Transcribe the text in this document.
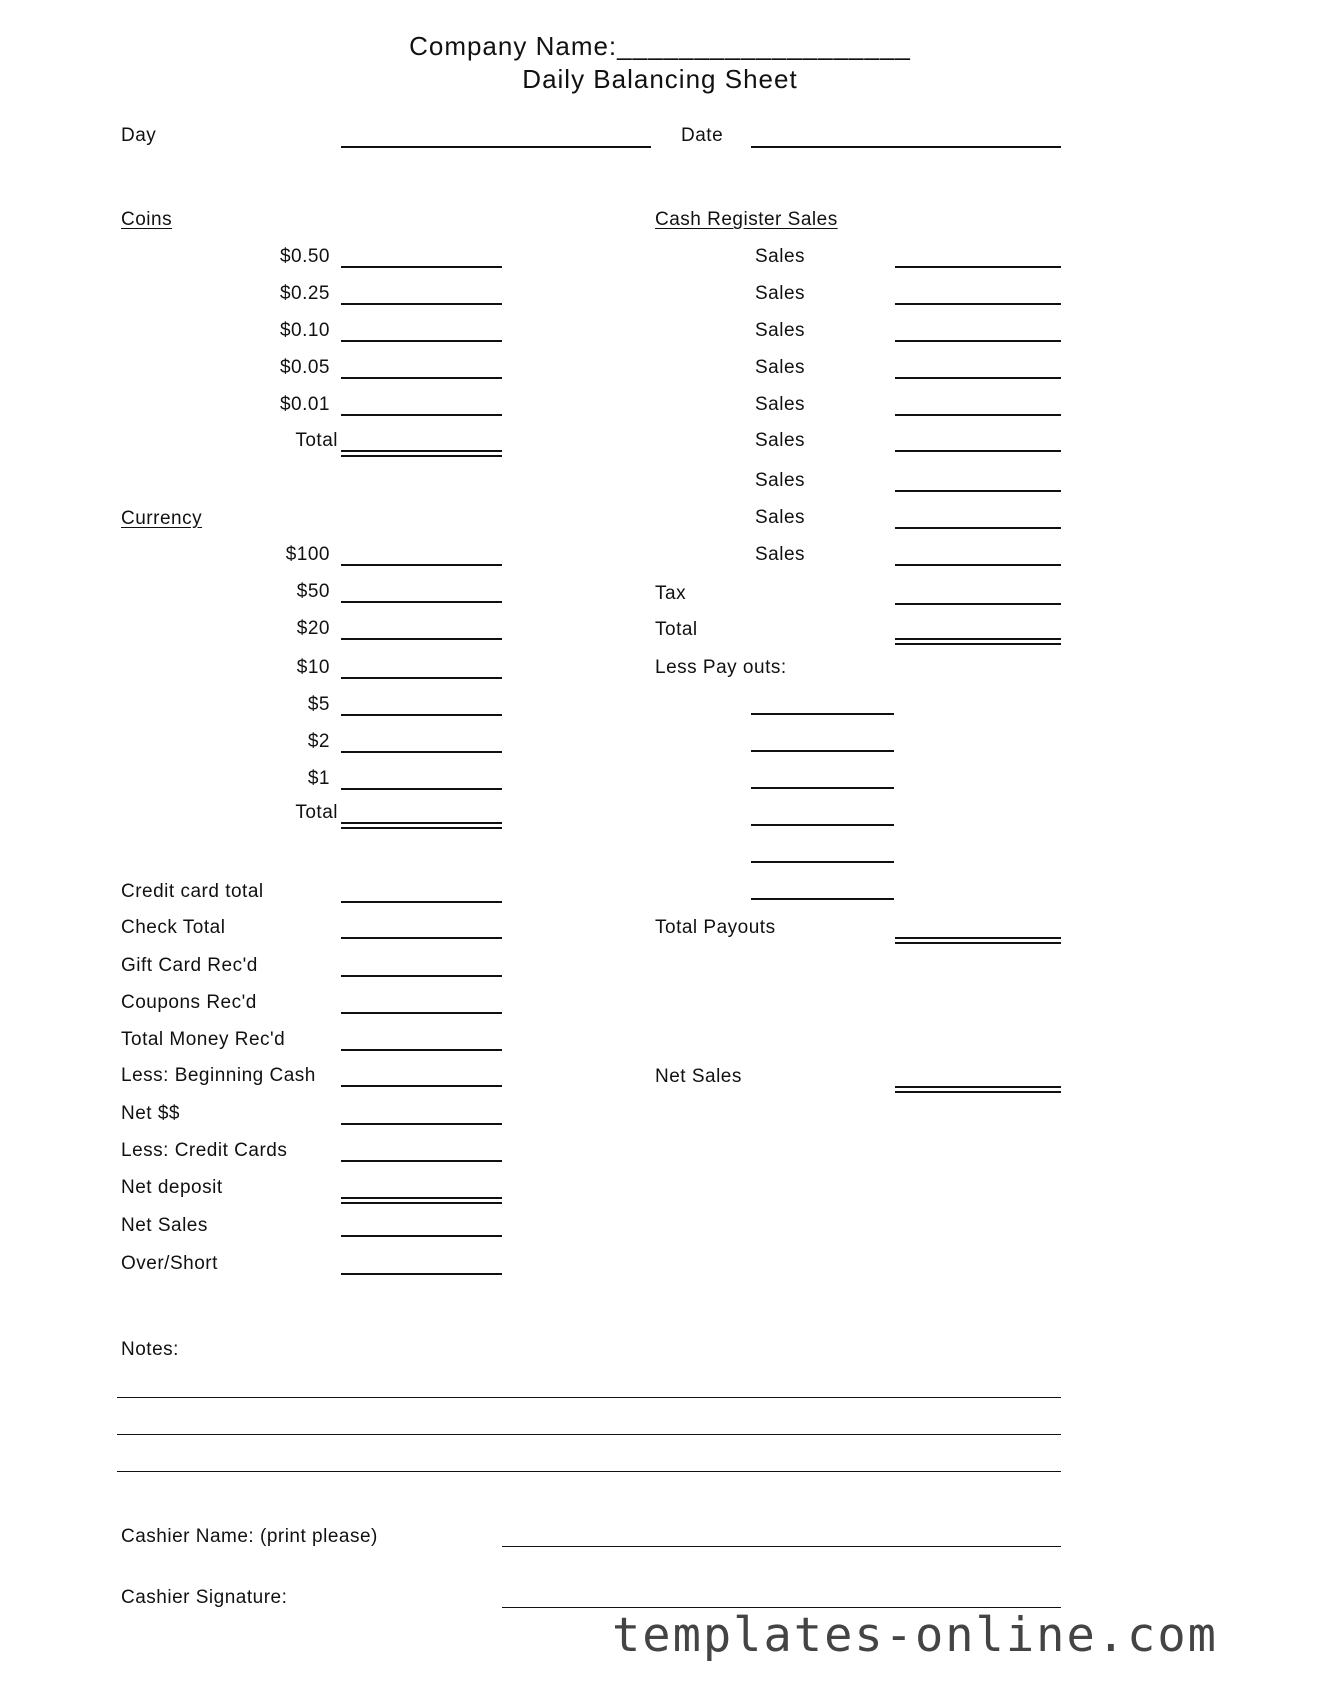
Company Name:___________________
Daily Balancing Sheet
Day	Date
Coins
Currency
Cash Register Sales
$0.50
$0.25
$0.10
$0.05
$0.01
Total
$100
$50
$20
$10
$5
$2
$1
Total
Credit card total
Check Total
Gift Card Rec'd
Coupons Rec'd
Total Money Rec'd
Less: Beginning Cash
Net $$
Less: Credit Cards
Net deposit
Net Sales
Over/Short
Sales
Sales
Sales
Sales
Sales
Sales
Sales
Sales
Sales
Tax
Total
Less Pay outs:
Total Payouts
Net Sales
Notes:
Cashier Name: (print please)
Cashier Signature:
templates-online.com
